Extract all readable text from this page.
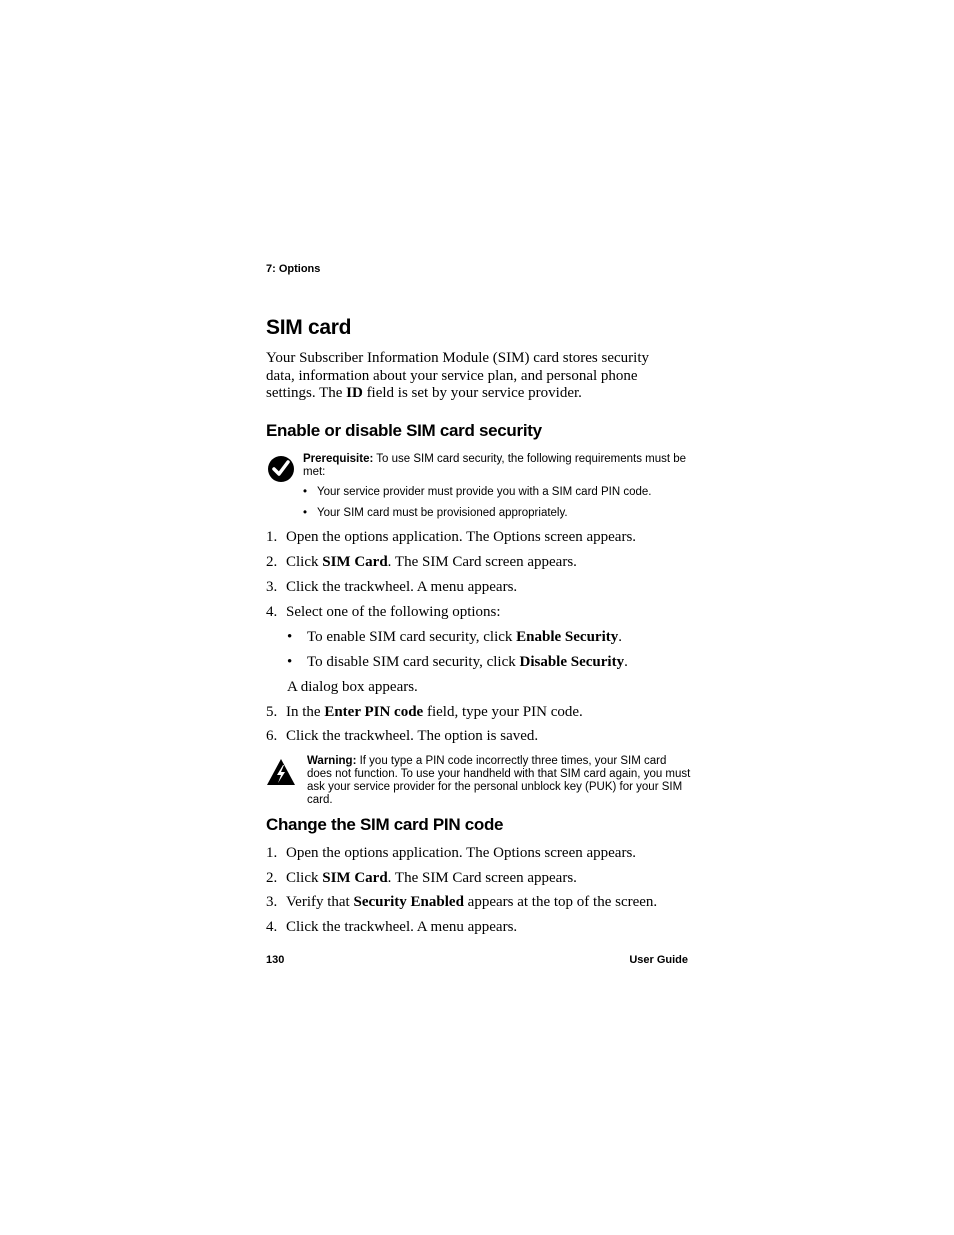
7: Options
SIM card

Your Subscriber Information Module (SIM) card stores security data, information about your service plan, and personal phone settings. The ID field is set by your service provider.

Enable or disable SIM card security
Prerequisite: To use SIM card security, the following requirements must be met:
• Your service provider must provide you with a SIM card PIN code.
• Your SIM card must be provisioned appropriately.
1. Open the options application. The Options screen appears.
2. Click SIM Card. The SIM Card screen appears.
3. Click the trackwheel. A menu appears.
4. Select one of the following options:
• To enable SIM card security, click Enable Security.
• To disable SIM card security, click Disable Security.
A dialog box appears.
5. In the Enter PIN code field, type your PIN code.
6. Click the trackwheel. The option is saved.
Warning: If you type a PIN code incorrectly three times, your SIM card does not function. To use your handheld with that SIM card again, you must ask your service provider for the personal unblock key (PUK) for your SIM card.
Change the SIM card PIN code
1. Open the options application. The Options screen appears.
2. Click SIM Card. The SIM Card screen appears.
3. Verify that Security Enabled appears at the top of the screen.
4. Click the trackwheel. A menu appears.
130	User Guide
